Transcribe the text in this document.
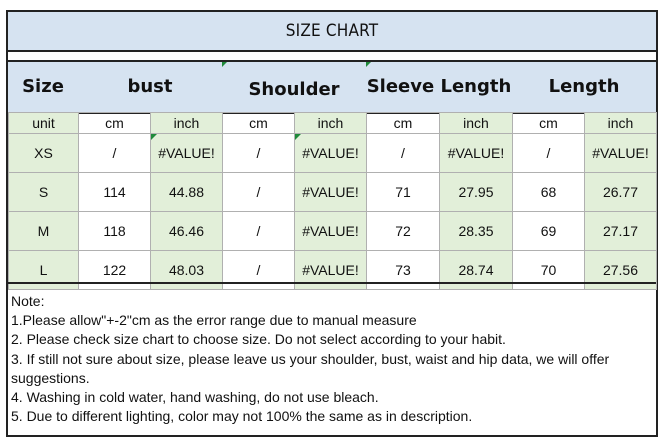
SIZE CHART
Size	bust	Shoulder	Sleeve Length	Length
unit	cm	inch	cm	inch	cm	inch	cm	inch
XS	/	#VALUE!	/	#VALUE!	/	#VALUE!	/	#VALUE!
S	114	44.88	/	#VALUE!	71	27.95	68	26.77
M	118	46.46	/	#VALUE!	72	28.35	69	27.17
L	122	48.03	/	#VALUE!	73	28.74	70	27.56
Note:
1.Please allow"+-2"cm as the error range due to manual measure
2. Please check size chart to choose size. Do not select according to your habit.
3. If still not sure about size, please leave us your shoulder, bust, waist and hip data, we will offer suggestions.
4. Washing in cold water, hand washing, do not use bleach.
5. Due to different lighting, color may not 100% the same as in description.
